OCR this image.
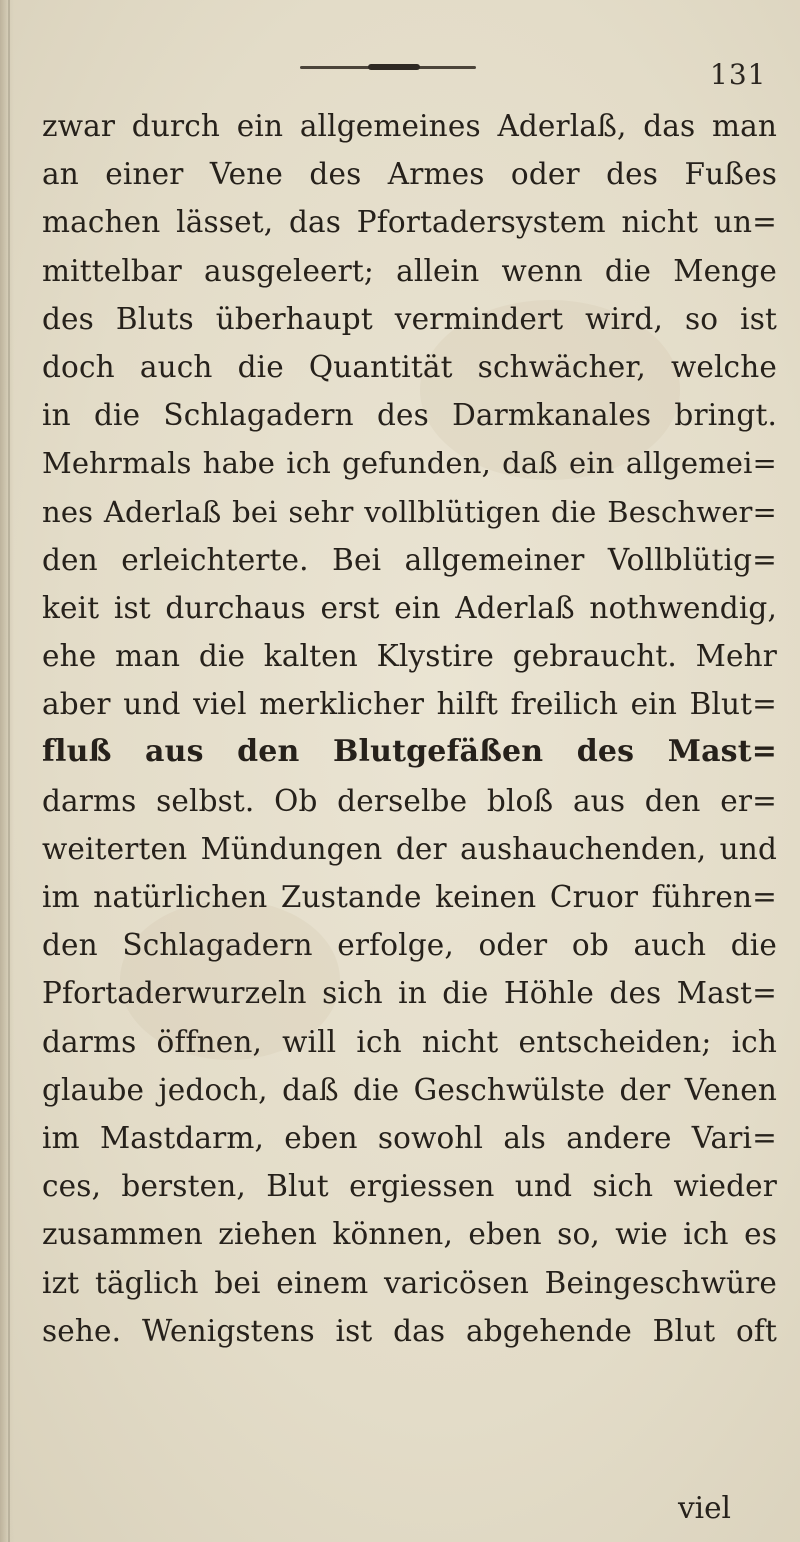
131
zwar durch ein allgemeines Aderlaß, das man
an einer Vene des Armes oder des Fußes
machen lässet, das Pfortadersystem nicht un=
mittelbar ausgeleert; allein wenn die Menge
des Bluts überhaupt vermindert wird, so ist
doch auch die Quantität schwächer, welche
in die Schlagadern des Darmkanales bringt.
Mehrmals habe ich gefunden, daß ein allgemei=
nes Aderlaß bei sehr vollblütigen die Beschwer=
den erleichterte. Bei allgemeiner Vollblütig=
keit ist durchaus erst ein Aderlaß nothwendig,
ehe man die kalten Klystire gebraucht. Mehr
aber und viel merklicher hilft freilich ein Blut=
fluß aus den Blutgefäßen des Mast=
darms selbst. Ob derselbe bloß aus den er=
weiterten Mündungen der aushauchenden, und
im natürlichen Zustande keinen Cruor führen=
den Schlagadern erfolge, oder ob auch die
Pfortaderwurzeln sich in die Höhle des Mast=
darms öffnen, will ich nicht entscheiden; ich
glaube jedoch, daß die Geschwülste der Venen
im Mastdarm, eben sowohl als andere Vari=
ces, bersten, Blut ergiessen und sich wieder
zusammen ziehen können, eben so, wie ich es
izt täglich bei einem varicösen Beingeschwüre
sehe. Wenigstens ist das abgehende Blut oft
viel
